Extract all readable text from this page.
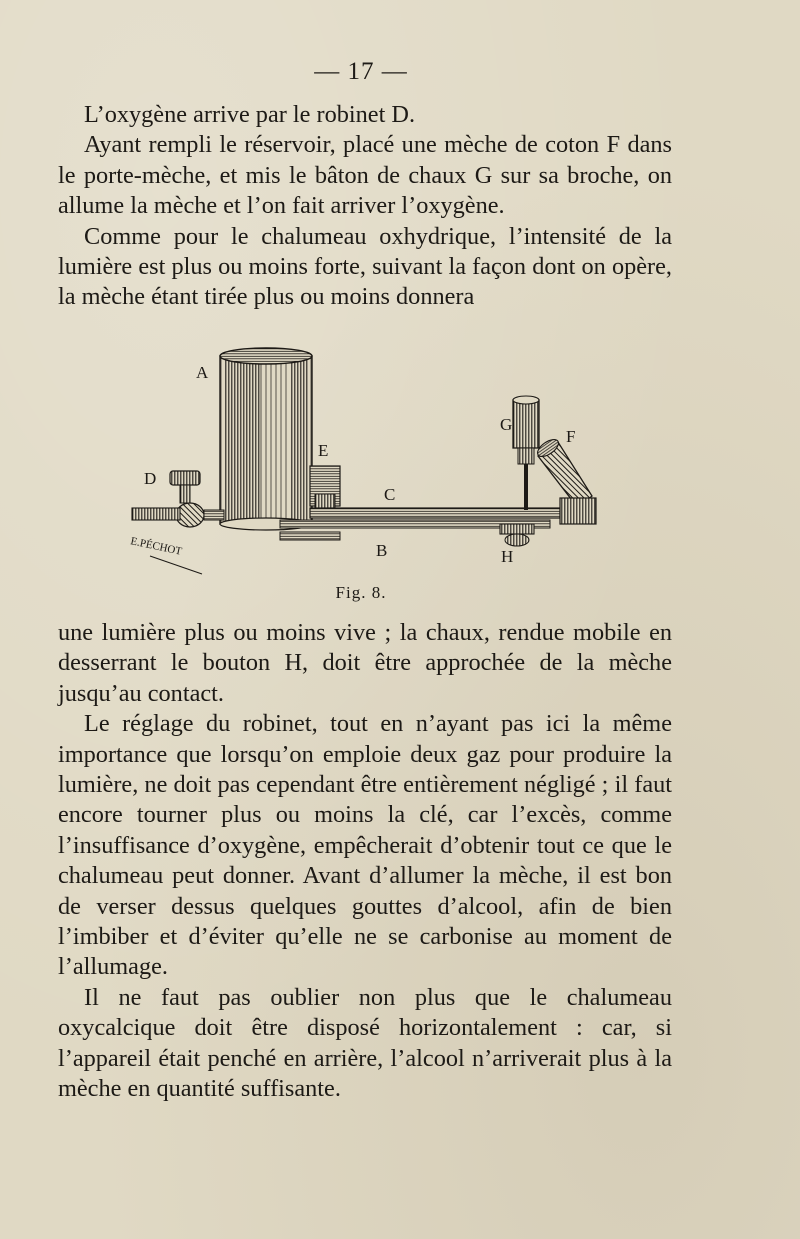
— 17 —

L’oxygène arrive par le robinet D.

Ayant rempli le réservoir, placé une mèche de coton F dans le porte-mèche, et mis le bâton de chaux G sur sa broche, on allume la mèche et l’on fait arriver l’oxygène.

Comme pour le chalumeau oxhydrique, l’intensité de la lumière est plus ou moins forte, suivant la façon dont on opère, la mèche étant tirée plus ou moins donnera

A
D
E
C
B
G
F
H
E.PÉCHOT
Fig. 8.

une lumière plus ou moins vive ; la chaux, rendue mobile en desserrant le bouton H, doit être approchée de la mèche jusqu’au contact.

Le réglage du robinet, tout en n’ayant pas ici la même importance que lorsqu’on emploie deux gaz pour produire la lumière, ne doit pas cependant être entièrement négligé ; il faut encore tourner plus ou moins la clé, car l’excès, comme l’insuffisance d’oxygène, empêcherait d’obtenir tout ce que le chalumeau peut donner. Avant d’allumer la mèche, il est bon de verser dessus quelques gouttes d’alcool, afin de bien l’imbiber et d’éviter qu’elle ne se carbonise au moment de l’allumage.

Il ne faut pas oublier non plus que le chalumeau oxycalcique doit être disposé horizontalement : car, si l’appareil était penché en arrière, l’alcool n’arriverait plus à la mèche en quantité suffisante.
